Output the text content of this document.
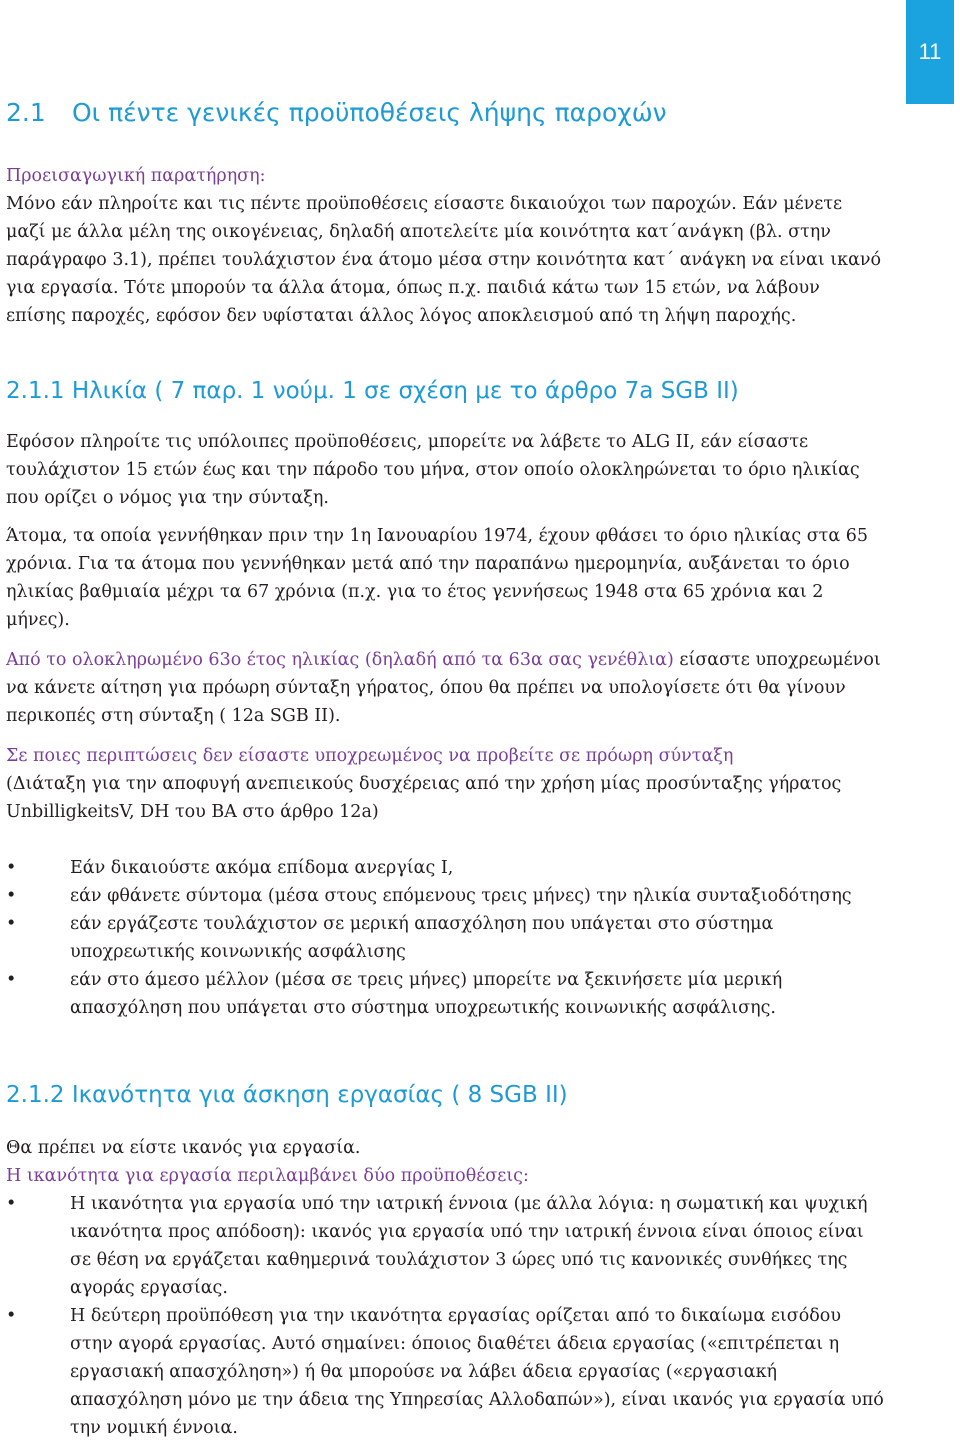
11
2.1 Οι πέντε γενικές προϋποθέσεις λήψης παροχών

Προεισαγωγική παρατήρηση:

Μόνο εάν πληροίτε και τις πέντε προϋποθέσεις είσαστε δικαιούχοι των παροχών. Εάν μένετε μαζί με άλλα μέλη της οικογένειας, δηλαδή αποτελείτε μία κοινότητα κατ΄ανάγκη (βλ. στην παράγραφο 3.1), πρέπει τουλάχιστον ένα άτομο μέσα στην κοινότητα κατ΄ ανάγκη να είναι ικανό για εργασία. Τότε μπορούν τα άλλα άτομα, όπως π.χ. παιδιά κάτω των 15 ετών, να λάβουν επίσης παροχές, εφόσον δεν υφίσταται άλλος λόγος αποκλεισμού από τη λήψη παροχής.

2.1.1 Ηλικία ( 7 παρ. 1 νούμ. 1 σε σχέση με το άρθρο 7a SGB II)

Εφόσον πληροίτε τις υπόλοιπες προϋποθέσεις, μπορείτε να λάβετε το ALG II, εάν είσαστε τουλάχιστον 15 ετών έως και την πάροδο του μήνα, στον οποίο ολοκληρώνεται το όριο ηλικίας που ορίζει ο νόμος για την σύνταξη.

Άτομα, τα οποία γεννήθηκαν πριν την 1η Ιανουαρίου 1974, έχουν φθάσει το όριο ηλικίας στα 65 χρόνια. Για τα άτομα που γεννήθηκαν μετά από την παραπάνω ημερομηνία, αυξάνεται το όριο ηλικίας βαθμιαία μέχρι τα 67 χρόνια (π.χ. για το έτος γεννήσεως 1948 στα 65 χρόνια και 2 μήνες).

Από το ολοκληρωμένο 63ο έτος ηλικίας (δηλαδή από τα 63α σας γενέθλια) είσαστε υποχρεωμένοι να κάνετε αίτηση για πρόωρη σύνταξη γήρατος, όπου θα πρέπει να υπολογίσετε ότι θα γίνουν περικοπές στη σύνταξη ( 12a SGB II).

Σε ποιες περιπτώσεις δεν είσαστε υποχρεωμένος να προβείτε σε πρόωρη σύνταξη

(Διάταξη για την αποφυγή ανεπιεικούς δυσχέρειας από την χρήση μίας προσύνταξης γήρατος UnbilligkeitsV, DH του BA στο άρθρο 12a)

•	Εάν δικαιούστε ακόμα επίδομα ανεργίας I,
•	εάν φθάνετε σύντομα (μέσα στους επόμενους τρεις μήνες) την ηλικία συνταξιοδότησης
•	εάν εργάζεστε τουλάχιστον σε μερική απασχόληση που υπάγεται στο σύστημα υποχρεωτικής κοινωνικής ασφάλισης
•	εάν στο άμεσο μέλλον (μέσα σε τρεις μήνες) μπορείτε να ξεκινήσετε μία μερική απασχόληση που υπάγεται στο σύστημα υποχρεωτικής κοινωνικής ασφάλισης.
2.1.2 Ικανότητα για άσκηση εργασίας ( 8 SGB II)

Θα πρέπει να είστε ικανός για εργασία.

Η ικανότητα για εργασία περιλαμβάνει δύο προϋποθέσεις:

•	Η ικανότητα για εργασία υπό την ιατρική έννοια (με άλλα λόγια: η σωματική και ψυχική ικανότητα προς απόδοση): ικανός για εργασία υπό την ιατρική έννοια είναι όποιος είναι σε θέση να εργάζεται καθημερινά τουλάχιστον 3 ώρες υπό τις κανονικές συνθήκες της αγοράς εργασίας.
•	Η δεύτερη προϋπόθεση για την ικανότητα εργασίας ορίζεται από το δικαίωμα εισόδου στην αγορά εργασίας. Αυτό σημαίνει: όποιος διαθέτει άδεια εργασίας («επιτρέπεται η εργασιακή απασχόληση») ή θα μπορούσε να λάβει άδεια εργασίας («εργασιακή απασχόληση μόνο με την άδεια της Υπηρεσίας Αλλοδαπών»), είναι ικανός για εργασία υπό την νομική έννοια.
